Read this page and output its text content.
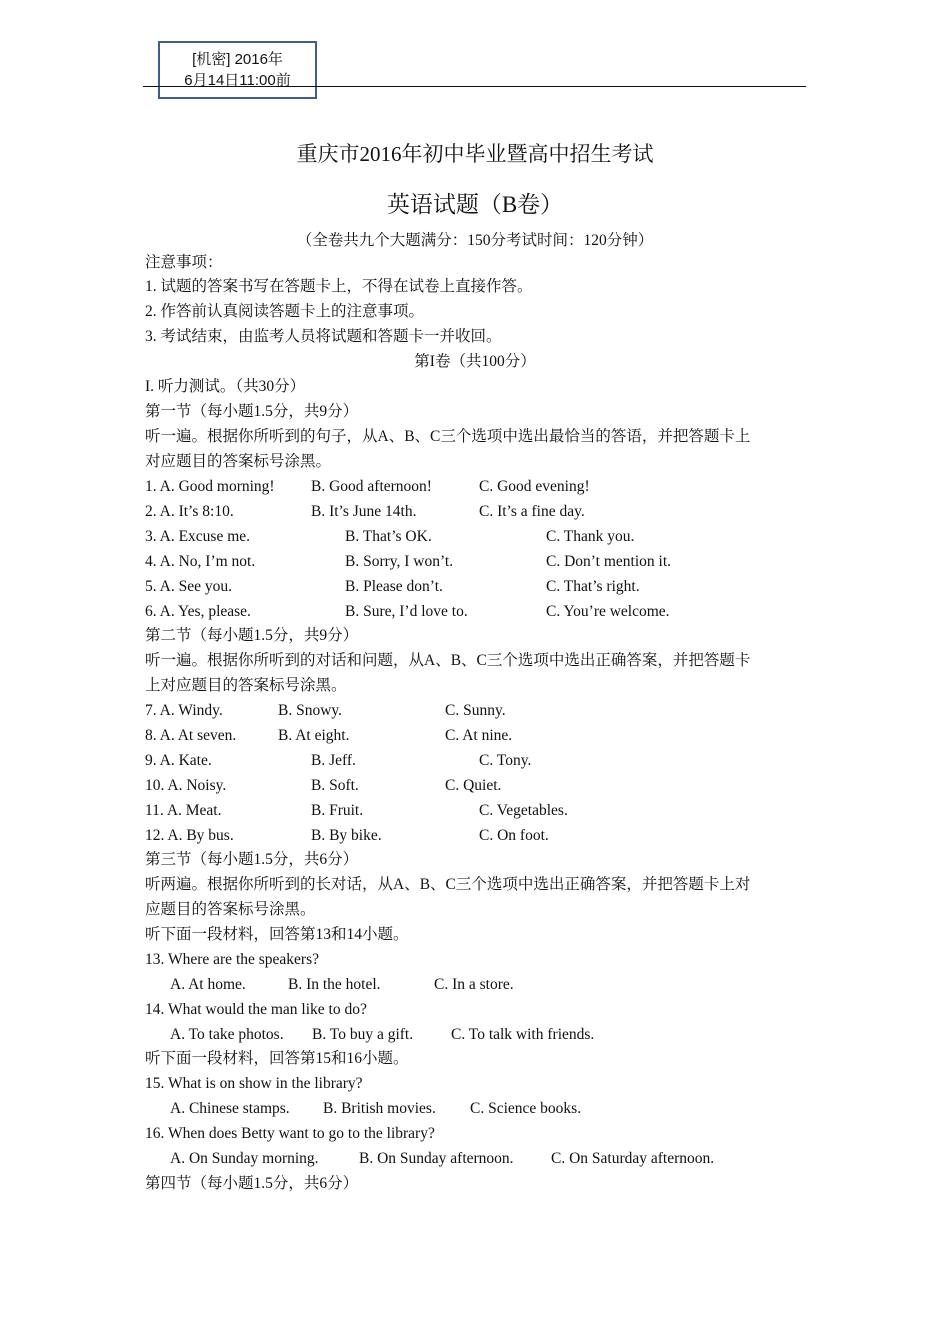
[机密] 2016年
6月14日11:00前
重庆市2016年初中毕业暨高中招生考试
英语试题（B卷）
（全卷共九个大题满分：150分考试时间：120分钟）
注意事项：
1. 试题的答案书写在答题卡上，不得在试卷上直接作答。
2. 作答前认真阅读答题卡上的注意事项。
3. 考试结束，由监考人员将试题和答题卡一并收回。
第I卷（共100分）
I. 听力测试。（共30分）
第一节（每小题1.5分，共9分）
听一遍。根据你所听到的句子，从A、B、C三个选项中选出最恰当的答语，并把答题卡上
对应题目的答案标号涂黑。
1. A. Good morning! B. Good afternoon!	C. Good evening!
2. A. It’s 8:10.	B. It’s June 14th.	C. It’s a fine day.
3. A. Excuse me.	B. That’s OK.	C. Thank you.
4. A. No, I’m not.	B. Sorry, I won’t.	C. Don’t mention it.
5. A. See you.	B. Please don’t.	C. That’s right.
6. A. Yes, please.	B. Sure, I’d love to.	C. You’re welcome.
第二节（每小题1.5分，共9分）
听一遍。根据你所听到的对话和问题，从A、B、C三个选项中选出正确答案，并把答题卡
上对应题目的答案标号涂黑。
7. A. Windy.	B. Snowy.	C. Sunny.
8. A. At seven.	B. At eight.	C. At nine.
9. A. Kate.	B. Jeff.	C. Tony.
10. A. Noisy.	B. Soft.	C. Quiet.
11. A. Meat.	B. Fruit.	C. Vegetables.
12. A. By bus.	B. By bike.	C. On foot.
第三节（每小题1.5分，共6分）
听两遍。根据你所听到的长对话，从A、B、C三个选项中选出正确答案，并把答题卡上对
应题目的答案标号涂黑。
听下面一段材料，回答第13和14小题。
13. Where are the speakers?
A. At home.	B. In the hotel.	C. In a store.
14. What would the man like to do?
A. To take photos. B. To buy a gift. C. To talk with friends.
听下面一段材料，回答第15和16小题。
15. What is on show in the library?
A. Chinese stamps. B. British movies. C. Science books.
16. When does Betty want to go to the library?
A. On Sunday morning.	B. On Sunday afternoon. C. On Saturday afternoon.
第四节（每小题1.5分，共6分）
